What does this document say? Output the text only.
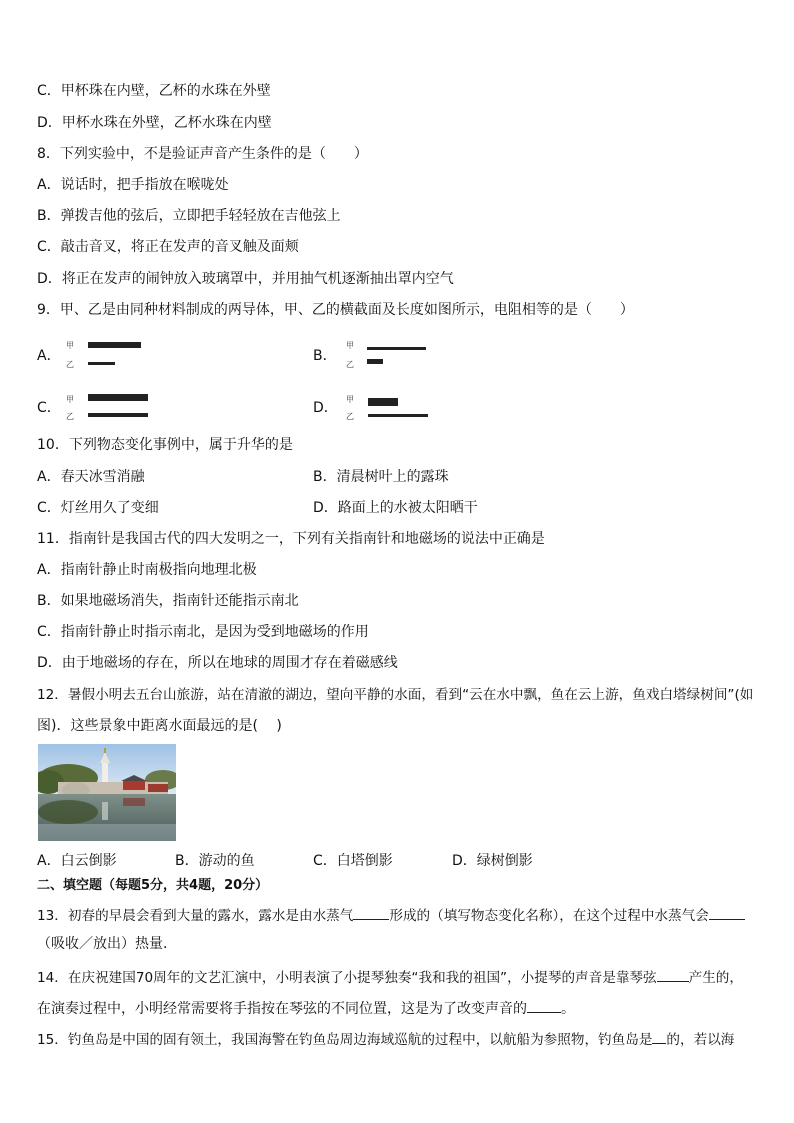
C．甲杯珠在内壁，乙杯的水珠在外壁
D．甲杯水珠在外壁，乙杯水珠在内壁
8．下列实验中，不是验证声音产生条件的是（　　）
A．说话时，把手指放在喉咙处
B．弹拨吉他的弦后，立即把手轻轻放在吉他弦上
C．敲击音叉，将正在发声的音叉触及面颊
D．将正在发声的闹钟放入玻璃罩中，并用抽气机逐渐抽出罩内空气
9．甲、乙是由同种材料制成的两导体，甲、乙的横截面及长度如图所示，电阻相等的是（　　）
A．
甲
乙
B．
甲
乙
C．
甲
乙
D．
甲
乙
10．下列物态变化事例中，属于升华的是
A．春天冰雪消融	B．清晨树叶上的露珠
C．灯丝用久了变细	D．路面上的水被太阳晒干
11．指南针是我国古代的四大发明之一，下列有关指南针和地磁场的说法中正确是
A．指南针静止时南极指向地理北极
B．如果地磁场消失，指南针还能指示南北
C．指南针静止时指示南北，是因为受到地磁场的作用
D．由于地磁场的存在，所以在地球的周围才存在着磁感线
12．暑假小明去五台山旅游，站在清澈的湖边，望向平静的水面，看到“云在水中飘，鱼在云上游，鱼戏白塔绿树间”(如
图)．这些景象中距离水面最远的是(　 )
A．白云倒影	B．游动的鱼	C．白塔倒影	D．绿树倒影
二、填空题（每题5分，共4题，20分）
13．初春的早晨会看到大量的露水，露水是由水蒸气	形成的（填写物态变化名称），在这个过程中水蒸气会
（吸收／放出）热量．
14．在庆祝建国70周年的文艺汇演中，小明表演了小提琴独奏“我和我的祖国”，小提琴的声音是靠琴弦 产生的，
在演奏过程中，小明经常需要将手指按在琴弦的不同位置，这是为了改变声音的 。
15．钓鱼岛是中国的固有领土，我国海警在钓鱼岛周边海域巡航的过程中，以航船为参照物，钓鱼岛是 的，若以海
